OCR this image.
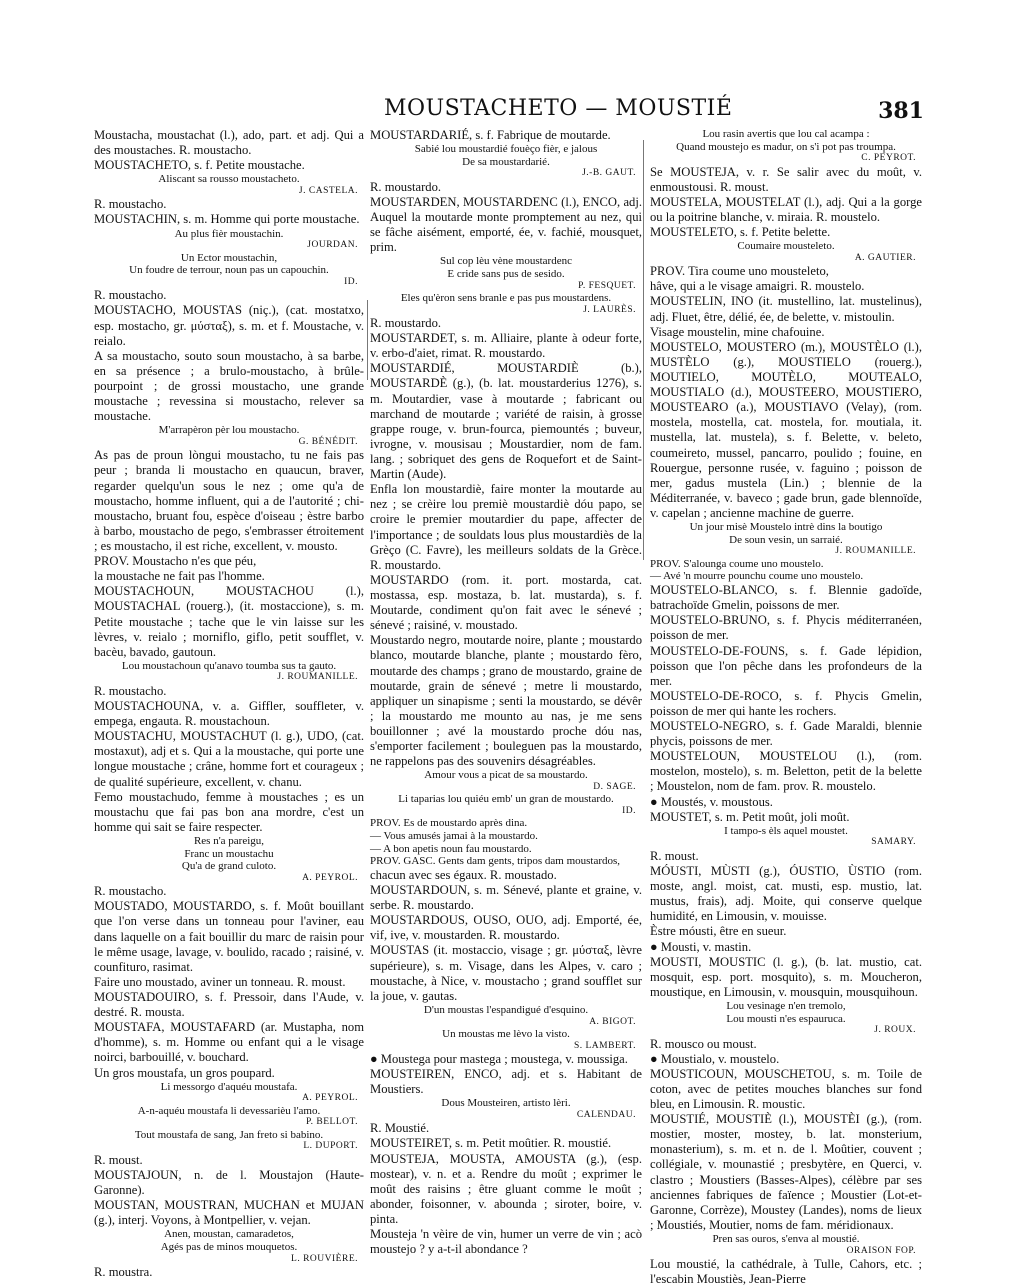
MOUSTACHETO — MOUSTIÉ	381

Moustacha, moustachat (l.), ado, part. et adj. Qui a des moustaches. R. moustacho.

MOUSTACHETO, s. f. Petite moustache.

Aliscant sa rousso moustacheto.

J. CASTELA.

R. moustacho.

MOUSTACHIN, s. m. Homme qui porte moustache.

Au plus fièr moustachin.

JOURDAN.

Un Ector moustachin,

Un foudre de terrour, noun pas un capouchin.

ID.

R. moustacho.

MOUSTACHO, MOUSTAS (niç.), (cat. mostatxo, esp. mostacho, gr. μύσταξ), s. m. et f. Moustache, v. reialo.

A sa moustacho, souto soun moustacho, à sa barbe, en sa présence ; a brulo-moustacho, à brûle-pourpoint ; de grossi moustacho, une grande moustache ; revessina si moustacho, relever sa moustache.

M'arrapèron pèr lou moustacho.

G. BÉNÉDIT.

As pas de proun lòngui moustacho, tu ne fais pas peur ; branda li moustacho en quaucun, braver, regarder quelqu'un sous le nez ; ome qu'a de moustacho, homme influent, qui a de l'autorité ; chi-moustacho, bruant fou, espèce d'oiseau ; èstre barbo à barbo, moustacho de pego, s'embrasser étroitement ; es moustacho, il est riche, excellent, v. mousto.

PROV. Moustacho n'es que péu,

la moustache ne fait pas l'homme.

MOUSTACHOUN, MOUSTACHOU (l.), MOUSTACHAL (rouerg.), (it. mostaccione), s. m. Petite moustache ; tache que le vin laisse sur les lèvres, v. reialo ; morniflo, giflo, petit soufflet, v. bacèu, bavado, gautoun.

Lou moustachoun qu'anavo toumba sus ta gauto.

J. ROUMANILLE.

R. moustacho.

MOUSTACHOUNA, v. a. Giffler, souffleter, v. empega, engauta. R. moustachoun.

MOUSTACHU, MOUSTACHUT (l. g.), UDO, (cat. mostaxut), adj et s. Qui a la moustache, qui porte une longue moustache ; crâne, homme fort et courageux ; de qualité supérieure, excellent, v. chanu.

Femo moustachudo, femme à moustaches ; es un moustachu que fai pas bon ana mordre, c'est un homme qui sait se faire respecter.

Res n'a pareigu,

Franc un moustachu

Qu'a de grand culoto.

A. PEYROL.

R. moustacho.

MOUSTADO, MOUSTARDO, s. f. Moût bouillant que l'on verse dans un tonneau pour l'aviner, eau dans laquelle on a fait bouillir du marc de raisin pour le même usage, lavage, v. boulido, racado ; raisiné, v. counfituro, rasimat.

Faire uno moustado, aviner un tonneau. R. moust.

MOUSTADOUIRO, s. f. Pressoir, dans l'Aude, v. destré. R. mousta.

MOUSTAFA, MOUSTAFARD (ar. Mustapha, nom d'homme), s. m. Homme ou enfant qui a le visage noirci, barbouillé, v. bouchard.

Un gros moustafa, un gros poupard.

Li messorgo d'aquéu moustafa.

A. PEYROL.

A-n-aquéu moustafa li devessarièu l'amo.

P. BELLOT.

Tout moustafa de sang, Jan freto si babino.

L. DUPORT.

R. moust.

MOUSTAJOUN, n. de l. Moustajon (Haute-Garonne).

MOUSTAN, MOUSTRAN, MUCHAN et MUJAN (g.), interj. Voyons, à Montpellier, v. vejan.

Anen, moustan, camaradetos,

Agés pas de minos mouquetos.

L. ROUVIÈRE.

R. moustra.

MOUSTARDARIÉ, s. f. Fabrique de moutarde.

Sabié lou moustardié fouèço fièr, e jalous

De sa moustardarié.

J.-B. GAUT.

R. moustardo.

MOUSTARDEN, MOUSTARDENC (l.), ENCO, adj. Auquel la moutarde monte promptement au nez, qui se fâche aisément, emporté, ée, v. fachié, mousquet, prim.

Sul cop lèu vène moustardenc

E cride sans pus de sesido.

P. FESQUET.

Eles qu'èron sens branle e pas pus moustardens.

J. LAURÈS.

R. moustardo.

MOUSTARDET, s. m. Alliaire, plante à odeur forte, v. erbo-d'aiet, rimat. R. moustardo.

MOUSTARDIÉ, MOUSTARDIÈ (b.), MOUSTARDÈ (g.), (b. lat. moustarderius 1276), s. m. Moutardier, vase à moutarde ; fabricant ou marchand de moutarde ; variété de raisin, à grosse grappe rouge, v. brun-fourca, piemountés ; buveur, ivrogne, v. mousisau ; Moustardier, nom de fam. lang. ; sobriquet des gens de Roquefort et de Saint-Martin (Aude).

Enfla lon moustardiè, faire monter la moutarde au nez ; se crèire lou premiè moustardiè dóu papo, se croire le premier moutardier du pape, affecter de l'importance ; de souldats lous plus moustardiès de la Grèço (C. Favre), les meilleurs soldats de la Grèce. R. moustardo.

MOUSTARDO (rom. it. port. mostarda, cat. mostassa, esp. mostaza, b. lat. mustarda), s. f. Moutarde, condiment qu'on fait avec le sénevé ; sénevé ; raisiné, v. moustado.

Moustardo negro, moutarde noire, plante ; moustardo blanco, moutarde blanche, plante ; moustardo fèro, moutarde des champs ; grano de moustardo, graine de moutarde, grain de sénevé ; metre li moustardo, appliquer un sinapisme ; senti la moustardo, se dévêr ; la moustardo me mounto au nas, je me sens bouillonner ; avé la moustardo proche dóu nas, s'emporter facilement ; bouleguen pas la moustardo, ne rappelons pas des souvenirs désagréables.

Amour vous a picat de sa moustardo.

D. SAGE.

Li taparias lou quiéu emb' un gran de moustardo.

ID.

PROV. Es de moustardo après dina.

— Vous amusés jamai à la moustardo.

— A bon apetis noun fau moustardo.

PROV. GASC. Gents dam gents, tripos dam moustardos,

chacun avec ses égaux. R. moustado.

MOUSTARDOUN, s. m. Sénevé, plante et graine, v. serbe. R. moustardo.

MOUSTARDOUS, OUSO, OUO, adj. Emporté, ée, vif, ive, v. moustarden. R. moustardo.

MOUSTAS (it. mostaccio, visage ; gr. μύσταξ, lèvre supérieure), s. m. Visage, dans les Alpes, v. caro ; moustache, à Nice, v. moustacho ; grand soufflet sur la joue, v. gautas.

D'un moustas l'espandigué d'esquino.

A. BIGOT.

Un moustas me lèvo la visto.

S. LAMBERT.

● Moustega pour mastega ; moustega, v. moussiga.

MOUSTEIREN, ENCO, adj. et s. Habitant de Moustiers.

Dous Mousteiren, artisto lèri.

CALENDAU.

R. Moustié.

MOUSTEIRET, s. m. Petit moûtier. R. moustié.

MOUSTEJA, MOUSTA, AMOUSTA (g.), (esp. mostear), v. n. et a. Rendre du moût ; exprimer le moût des raisins ; être gluant comme le moût ; abonder, foisonner, v. abounda ; siroter, boire, v. pinta.

Mousteja 'n vèire de vin, humer un verre de vin ; acò moustejo ? y a-t-il abondance ?

Lou rasin avertis que lou cal acampa :

Quand moustejo es madur, on s'i pot pas troumpa.

C. PEYROT.

Se MOUSTEJA, v. r. Se salir avec du moût, v. enmoustousi. R. moust.

MOUSTELA, MOUSTELAT (l.), adj. Qui a la gorge ou la poitrine blanche, v. miraia. R. moustelo.

MOUSTELETO, s. f. Petite belette.

Coumaire mousteleto.

A. GAUTIER.

PROV. Tira coume uno mousteleto,

hâve, qui a le visage amaigri. R. moustelo.

MOUSTELIN, INO (it. mustellino, lat. mustelinus), adj. Fluet, être, délié, ée, de belette, v. mistoulin.

Visage moustelin, mine chafouine.

MOUSTELO, MOUSTERO (m.), MOUSTÈLO (l.), MUSTÈLO (g.), MOUSTIELO (rouerg.), MOUTIELO, MOUTÈLO, MOUTEALO, MOUSTIALO (d.), MOUSTEERO, MOUSTIERO, MOUSTEARO (a.), MOUSTIAVO (Velay), (rom. mostela, mostella, cat. mostela, for. moutiala, it. mustella, lat. mustela), s. f. Belette, v. beleto, coumeireto, mussel, pancarro, poulido ; fouine, en Rouergue, personne rusée, v. faguino ; poisson de mer, gadus mustela (Lin.) ; blennie de la Méditerranée, v. baveco ; gade brun, gade blennoïde, v. capelan ; ancienne machine de guerre.

Un jour misè Moustelo intrè dins la boutigo

De soun vesin, un sarraié.

J. ROUMANILLE.

PROV. S'alounga coume uno moustelo.

— Avé 'n mourre pounchu coume uno moustelo.

MOUSTELO-BLANCO, s. f. Blennie gadoïde, batrachoïde Gmelin, poissons de mer.

MOUSTELO-BRUNO, s. f. Phycis méditerranéen, poisson de mer.

MOUSTELO-DE-FOUNS, s. f. Gade lépidion, poisson que l'on pêche dans les profondeurs de la mer.

MOUSTELO-DE-ROCO, s. f. Phycis Gmelin, poisson de mer qui hante les rochers.

MOUSTELO-NEGRO, s. f. Gade Maraldi, blennie phycis, poissons de mer.

MOUSTELOUN, MOUSTELOU (l.), (rom. mostelon, mostelo), s. m. Beletton, petit de la belette ; Moustelon, nom de fam. prov. R. moustelo.

● Moustés, v. moustous.

MOUSTET, s. m. Petit moût, joli moût.

I tampo-s èls aquel moustet.

SAMARY.

R. moust.

MÓUSTI, MÙSTI (g.), ÓUSTIO, ÙSTIO (rom. moste, angl. moist, cat. musti, esp. mustio, lat. mustus, frais), adj. Moite, qui conserve quelque humidité, en Limousin, v. mouisse.

Èstre móusti, être en sueur.

● Mousti, v. mastin.

MOUSTI, MOUSTIC (l. g.), (b. lat. mustio, cat. mosquit, esp. port. mosquito), s. m. Moucheron, moustique, en Limousin, v. mousquin, mousquihoun.

Lou vesinage n'en tremolo,

Lou mousti n'es espauruca.

J. ROUX.

R. mousco ou moust.

● Moustialo, v. moustelo.

MOUSTICOUN, MOUSCHETOU, s. m. Toile de coton, avec de petites mouches blanches sur fond bleu, en Limousin. R. moustic.

MOUSTIÉ, MOUSTIÈ (l.), MOUSTÈI (g.), (rom. mostier, moster, mostey, b. lat. monsterium, monasterium), s. m. et n. de l. Moûtier, couvent ; collégiale, v. mounastié ; presbytère, en Querci, v. clastro ; Moustiers (Basses-Alpes), célèbre par ses anciennes fabriques de faïence ; Moustier (Lot-et-Garonne, Corrèze), Moustey (Landes), noms de lieux ; Moustiés, Moutier, noms de fam. méridionaux.

Pren sas ouros, s'enva al moustié.

ORAISON FOP.

Lou moustié, la cathédrale, à Tulle, Cahors, etc. ; l'escabin Moustiès, Jean-Pierre
